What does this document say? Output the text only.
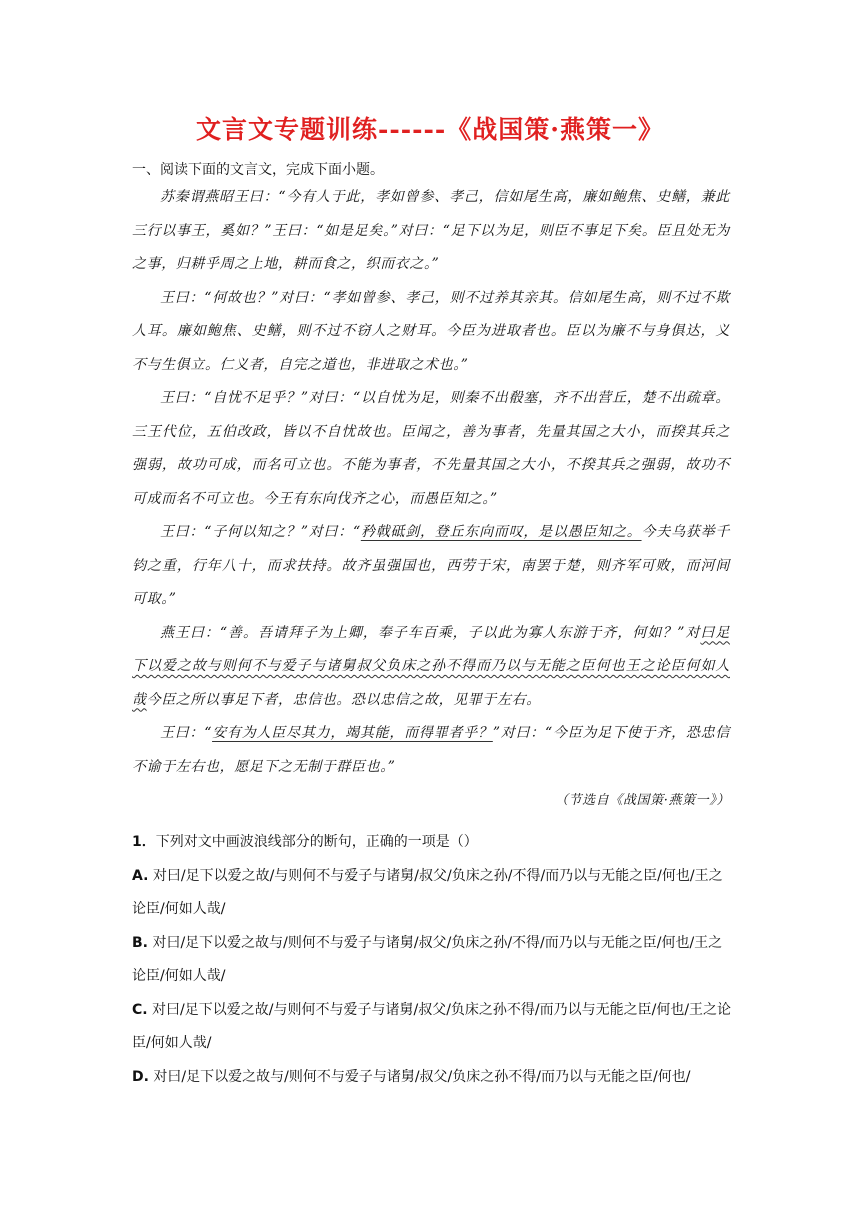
文言文专题训练------《战国策·燕策一》
一、阅读下面的文言文，完成下面小题。

苏秦谓燕昭王曰：“今有人于此，孝如曾参、孝己，信如尾生高，廉如鲍焦、史鳝，兼此三行以事王，奚如？”王曰：“如是足矣。”对曰：“足下以为足，则臣不事足下矣。臣且处无为之事，归耕乎周之上地，耕而食之，织而衣之。”

王曰：“何故也？”对曰：“孝如曾参、孝己，则不过养其亲其。信如尾生高，则不过不欺人耳。廉如鲍焦、史鳝，则不过不窃人之财耳。今臣为进取者也。臣以为廉不与身俱达，义不与生俱立。仁义者，自完之道也，非进取之术也。”

王曰：“自忧不足乎？”对曰：“以自忧为足，则秦不出殽塞，齐不出营丘，楚不出疏章。三王代位，五伯改政，皆以不自忧故也。臣闻之，善为事者，先量其国之大小，而揆其兵之强弱，故功可成，而名可立也。不能为事者，不先量其国之大小，不揆其兵之强弱，故功不可成而名不可立也。今王有东向伐齐之心，而愚臣知之。”

王曰：“子何以知之？”对曰：“矜戟砥剑，登丘东向而叹，是以愚臣知之。今夫乌获举千钧之重，行年八十，而求扶持。故齐虽强国也，西劳于宋，南罢于楚，则齐军可败，而河间可取。”

燕王曰：“善。吾请拜子为上卿，奉子车百乘，子以此为寡人东游于齐，何如？”对曰足下以爱之故与则何不与爱子与诸舅叔父负床之孙不得而乃以与无能之臣何也王之论臣何如人哉今臣之所以事足下者，忠信也。恐以忠信之故，见罪于左右。

王曰：“安有为人臣尽其力，竭其能，而得罪者乎？”对曰：“今臣为足下使于齐，恐忠信不谕于左右也，愿足下之无制于群臣也。”

（节选自《战国策·燕策一》）

1．下列对文中画波浪线部分的断句，正确的一项是（）

A. 对曰/足下以爱之故/与则何不与爱子与诸舅/叔父/负床之孙/不得/而乃以与无能之臣/何也/王之论臣/何如人哉/

B. 对曰/足下以爱之故与/则何不与爱子与诸舅/叔父/负床之孙/不得/而乃以与无能之臣/何也/王之论臣/何如人哉/

C. 对曰/足下以爱之故/与则何不与爱子与诸舅/叔父/负床之孙不得/而乃以与无能之臣/何也/王之论臣/何如人哉/

D. 对曰/足下以爱之故与/则何不与爱子与诸舅/叔父/负床之孙不得/而乃以与无能之臣/何也/
